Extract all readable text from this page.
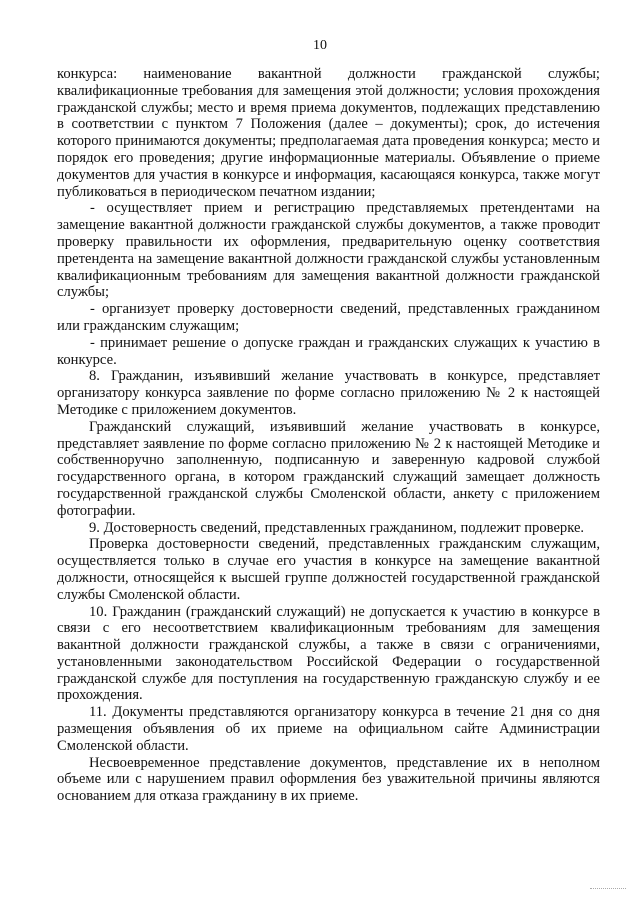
10

конкурса: наименование вакантной должности гражданской службы; квалификационные требования для замещения этой должности; условия прохождения гражданской службы; место и время приема документов, подлежащих представлению в соответствии с пунктом 7 Положения (далее – документы); срок, до истечения которого принимаются документы; предполагаемая дата проведения конкурса; место и порядок его проведения; другие информационные материалы. Объявление о приеме документов для участия в конкурсе и информация, касающаяся конкурса, также могут публиковаться в периодическом печатном издании;

- осуществляет прием и регистрацию представляемых претендентами на замещение вакантной должности гражданской службы документов, а также проводит проверку правильности их оформления, предварительную оценку соответствия претендента на замещение вакантной должности гражданской службы установленным квалификационным требованиям для замещения вакантной должности гражданской службы;

- организует проверку достоверности сведений, представленных гражданином или гражданским служащим;

- принимает решение о допуске граждан и гражданских служащих к участию в конкурсе.

8. Гражданин, изъявивший желание участвовать в конкурсе, представляет организатору конкурса заявление по форме согласно приложению № 2 к настоящей Методике с приложением документов.

Гражданский служащий, изъявивший желание участвовать в конкурсе, представляет заявление по форме согласно приложению № 2 к настоящей Методике и собственноручно заполненную, подписанную и заверенную кадровой службой государственного органа, в котором гражданский служащий замещает должность государственной гражданской службы Смоленской области, анкету с приложением фотографии.

9. Достоверность сведений, представленных гражданином, подлежит проверке.

Проверка достоверности сведений, представленных гражданским служащим, осуществляется только в случае его участия в конкурсе на замещение вакантной должности, относящейся к высшей группе должностей государственной гражданской службы Смоленской области.

10. Гражданин (гражданский служащий) не допускается к участию в конкурсе в связи с его несоответствием квалификационным требованиям для замещения вакантной должности гражданской службы, а также в связи с ограничениями, установленными законодательством Российской Федерации о государственной гражданской службе для поступления на государственную гражданскую службу и ее прохождения.

11. Документы представляются организатору конкурса в течение 21 дня со дня размещения объявления об их приеме на официальном сайте Администрации Смоленской области.

Несвоевременное представление документов, представление их в неполном объеме или с нарушением правил оформления без уважительной причины являются основанием для отказа гражданину в их приеме.
